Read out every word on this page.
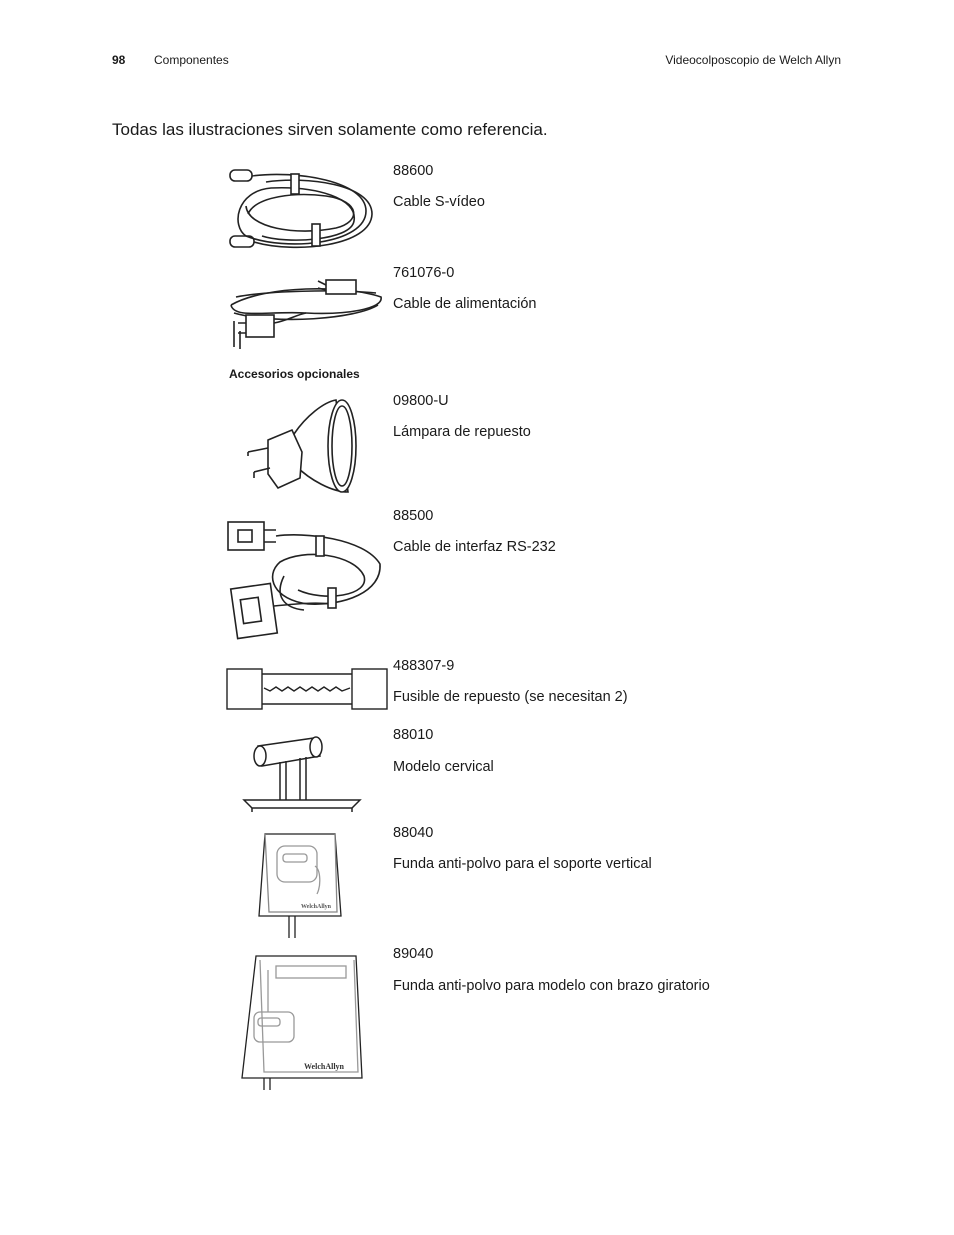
98 Componentes	Videocolposcopio de Welch Allyn
Todas las ilustraciones sirven solamente como referencia.
88600
Cable S-vídeo
761076-0
Cable de alimentación
Accesorios opcionales
09800-U
Lámpara de repuesto
88500
Cable de interfaz RS-232
488307-9
Fusible de repuesto (se necesitan 2)
88010
Modelo cervical
WelchAllyn
88040
Funda anti-polvo para el soporte vertical
WelchAllyn
89040
Funda anti-polvo para modelo con brazo giratorio
